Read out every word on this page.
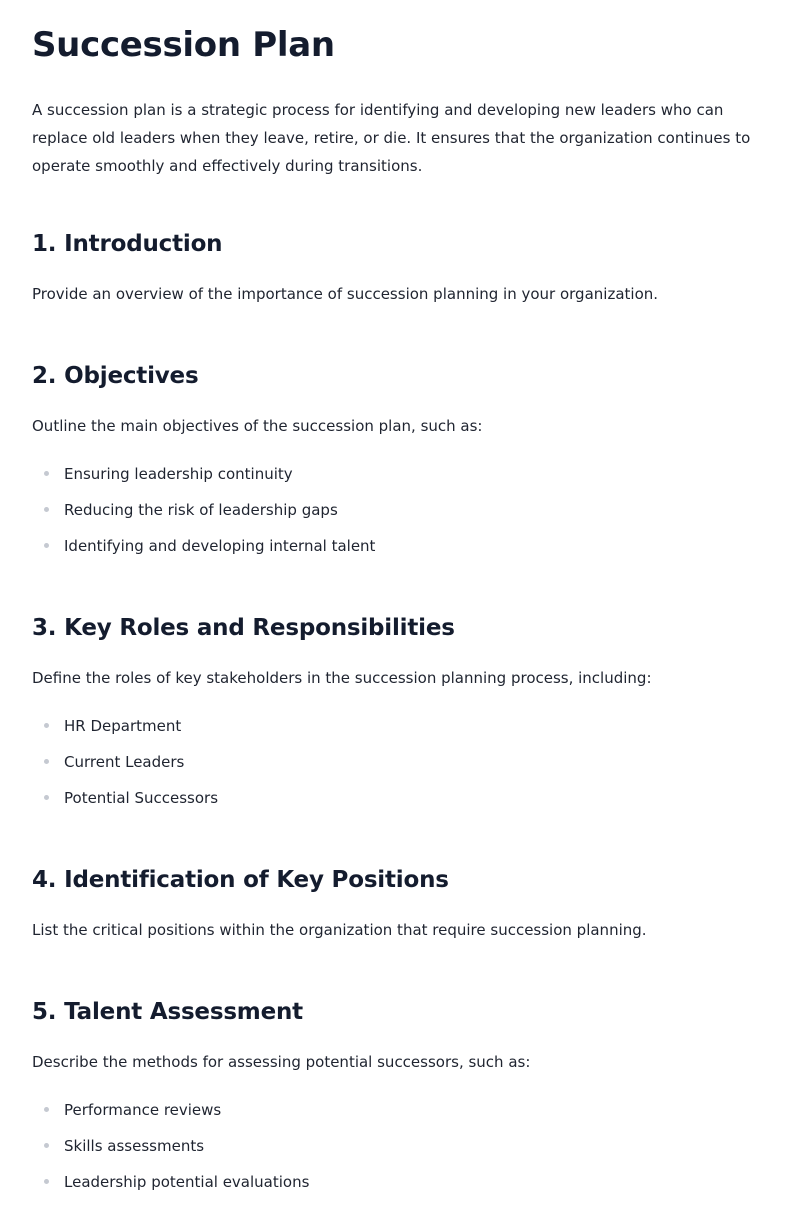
Succession Plan

A succession plan is a strategic process for identifying and developing new leaders who can replace old leaders when they leave, retire, or die. It ensures that the organization continues to operate smoothly and effectively during transitions.

1. Introduction

Provide an overview of the importance of succession planning in your organization.

2. Objectives

Outline the main objectives of the succession plan, such as:

Ensuring leadership continuity
Reducing the risk of leadership gaps
Identifying and developing internal talent
3. Key Roles and Responsibilities

Define the roles of key stakeholders in the succession planning process, including:

HR Department
Current Leaders
Potential Successors
4. Identification of Key Positions

List the critical positions within the organization that require succession planning.

5. Talent Assessment

Describe the methods for assessing potential successors, such as:

Performance reviews
Skills assessments
Leadership potential evaluations
